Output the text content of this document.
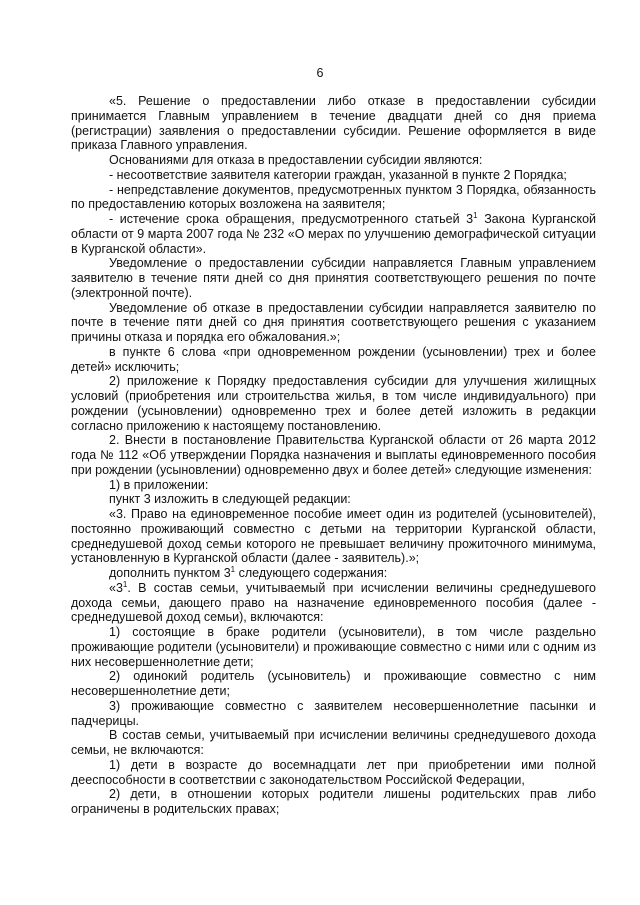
6

«5. Решение о предоставлении либо отказе в предоставлении субсидии принимается Главным управлением в течение двадцати дней со дня приема (регистрации) заявления о предоставлении субсидии. Решение оформляется в виде приказа Главного управления.

Основаниями для отказа в предоставлении субсидии являются:

- несоответствие заявителя категории граждан, указанной в пункте 2 Порядка;

- непредставление документов, предусмотренных пунктом 3 Порядка, обязанность по предоставлению которых возложена на заявителя;

- истечение срока обращения, предусмотренного статьей $3^1$ Закона Курганской области от 9 марта 2007 года № 232 «О мерах по улучшению демографической ситуации в Курганской области».

Уведомление о предоставлении субсидии направляется Главным управлением заявителю в течение пяти дней со дня принятия соответствующего решения по почте (электронной почте).

Уведомление об отказе в предоставлении субсидии направляется заявителю по почте в течение пяти дней со дня принятия соответствующего решения с указанием причины отказа и порядка его обжалования.»;

в пункте 6 слова «при одновременном рождении (усыновлении) трех и более детей» исключить;

2) приложение к Порядку предоставления субсидии для улучшения жилищных условий (приобретения или строительства жилья, в том числе индивидуального) при рождении (усыновлении) одновременно трех и более детей изложить в редакции согласно приложению к настоящему постановлению.

2. Внести в постановление Правительства Курганской области от 26 марта 2012 года № 112 «Об утверждении Порядка назначения и выплаты единовременного пособия при рождении (усыновлении) одновременно двух и более детей» следующие изменения:

1) в приложении:

пункт 3 изложить в следующей редакции:

«3. Право на единовременное пособие имеет один из родителей (усыновителей), постоянно проживающий совместно с детьми на территории Курганской области, среднедушевой доход семьи которого не превышает величину прожиточного минимума, установленную в Курганской области (далее - заявитель).»;

дополнить пунктом $3^1$ следующего содержания:

«$3^1$. В состав семьи, учитываемый при исчислении величины среднедушевого дохода семьи, дающего право на назначение единовременного пособия (далее - среднедушевой доход семьи), включаются:

1) состоящие в браке родители (усыновители), в том числе раздельно проживающие родители (усыновители) и проживающие совместно с ними или с одним из них несовершеннолетние дети;

2) одинокий родитель (усыновитель) и проживающие совместно с ним несовершеннолетние дети;

3) проживающие совместно с заявителем несовершеннолетние пасынки и падчерицы.

В состав семьи, учитываемый при исчислении величины среднедушевого дохода семьи, не включаются:

1) дети в возрасте до восемнадцати лет при приобретении ими полной дееспособности в соответствии с законодательством Российской Федерации,

2) дети, в отношении которых родители лишены родительских прав либо ограничены в родительских правах;
